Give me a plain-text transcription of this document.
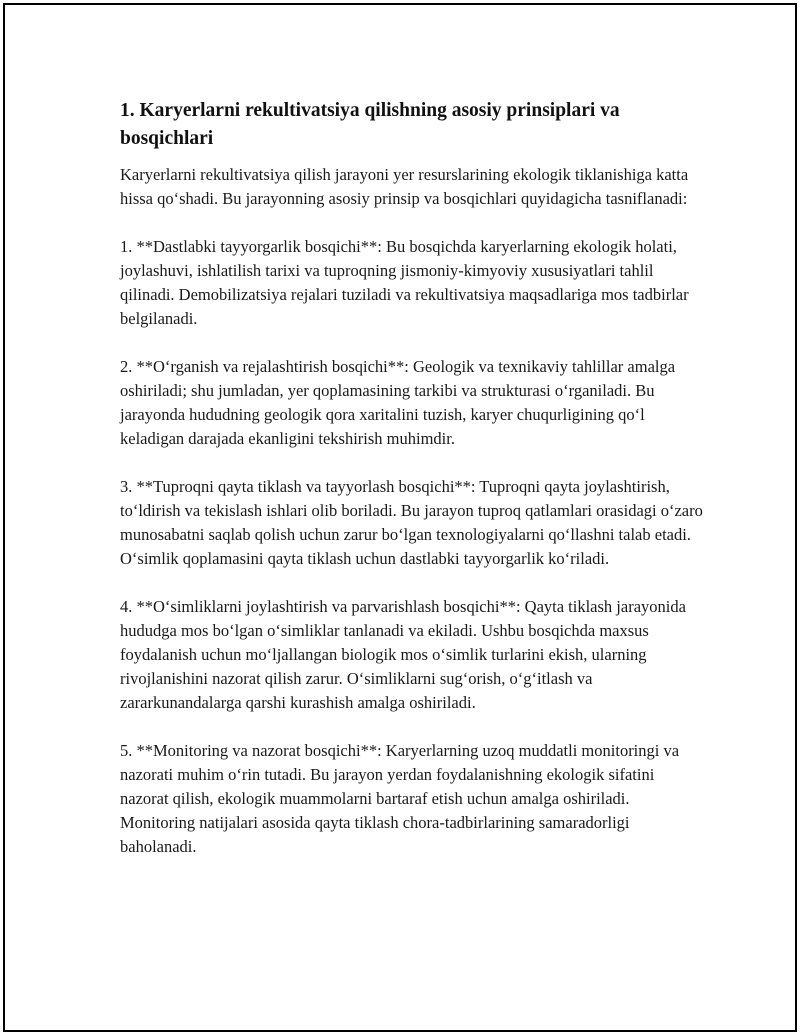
1. Karyerlarni rekultivatsiya qilishning asosiy prinsiplari va bosqichlari

Karyerlarni rekultivatsiya qilish jarayoni yer resurslarining ekologik tiklanishiga katta hissa qo‘shadi. Bu jarayonning asosiy prinsip va bosqichlari quyidagicha tasniflanadi:

1. **Dastlabki tayyorgarlik bosqichi**: Bu bosqichda karyerlarning ekologik holati, joylashuvi, ishlatilish tarixi va tuproqning jismoniy-kimyoviy xususiyatlari tahlil qilinadi. Demobilizatsiya rejalari tuziladi va rekultivatsiya maqsadlariga mos tadbirlar belgilanadi.

2. **O‘rganish va rejalashtirish bosqichi**: Geologik va texnikaviy tahlillar amalga oshiriladi; shu jumladan, yer qoplamasining tarkibi va strukturasi o‘rganiladi. Bu jarayonda hududning geologik qora xaritalini tuzish, karyer chuqurligining qo‘l keladigan darajada ekanligini tekshirish muhimdir.

3. **Tuproqni qayta tiklash va tayyorlash bosqichi**: Tuproqni qayta joylashtirish, to‘ldirish va tekislash ishlari olib boriladi. Bu jarayon tuproq qatlamlari orasidagi o‘zaro munosabatni saqlab qolish uchun zarur bo‘lgan texnologiyalarni qo‘llashni talab etadi. O‘simlik qoplamasini qayta tiklash uchun dastlabki tayyorgarlik ko‘riladi.

4. **O‘simliklarni joylashtirish va parvarishlash bosqichi**: Qayta tiklash jarayonida hududga mos bo‘lgan o‘simliklar tanlanadi va ekiladi. Ushbu bosqichda maxsus foydalanish uchun mo‘ljallangan biologik mos o‘simlik turlarini ekish, ularning rivojlanishini nazorat qilish zarur. O‘simliklarni sug‘orish, o‘g‘itlash va zararkunandalarga qarshi kurashish amalga oshiriladi.

5. **Monitoring va nazorat bosqichi**: Karyerlarning uzoq muddatli monitoringi va nazorati muhim o‘rin tutadi. Bu jarayon yerdan foydalanishning ekologik sifatini nazorat qilish, ekologik muammolarni bartaraf etish uchun amalga oshiriladi. Monitoring natijalari asosida qayta tiklash chora-tadbirlarining samaradorligi baholanadi.
